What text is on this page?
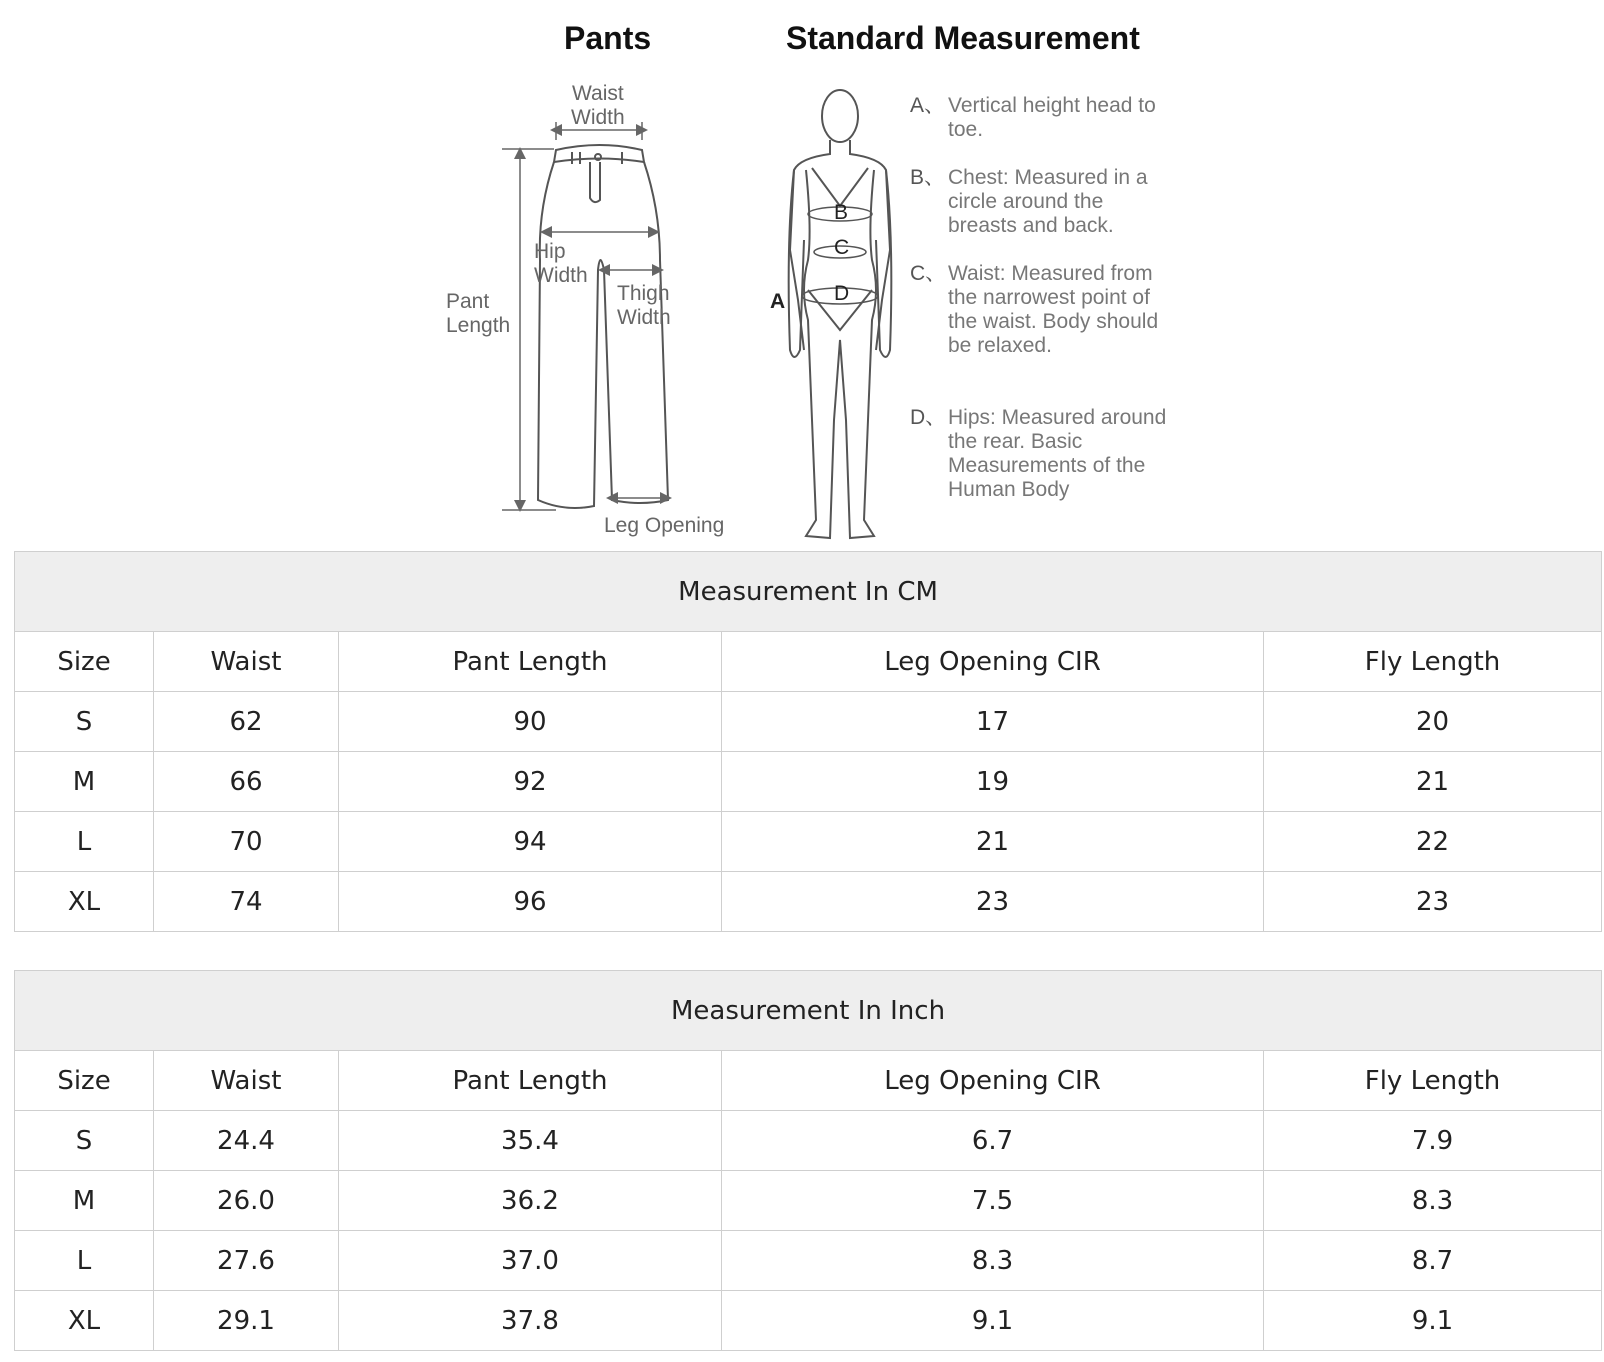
Pants	Standard Measurement
Waist
Width
Hip
Width
Thigh
Width
Pant
Length
Leg Opening
A
B
C
D
A、 Vertical height head to toe.
B、 Chest: Measured in a circle around the breasts and back.
C、 Waist: Measured from the narrowest point of the waist. Body should be relaxed.
D、 Hips: Measured around the rear. Basic Measurements of the Human Body
Measurement In CM				
Size	Waist	Pant Length	Leg Opening CIR	Fly Length
S	62	90	17	20
M	66	92	19	21
L	70	94	21	22
XL	74	96	23	23
Measurement In Inch				
Size	Waist	Pant Length	Leg Opening CIR	Fly Length
S	24.4	35.4	6.7	7.9
M	26.0	36.2	7.5	8.3
L	27.6	37.0	8.3	8.7
XL	29.1	37.8	9.1	9.1
